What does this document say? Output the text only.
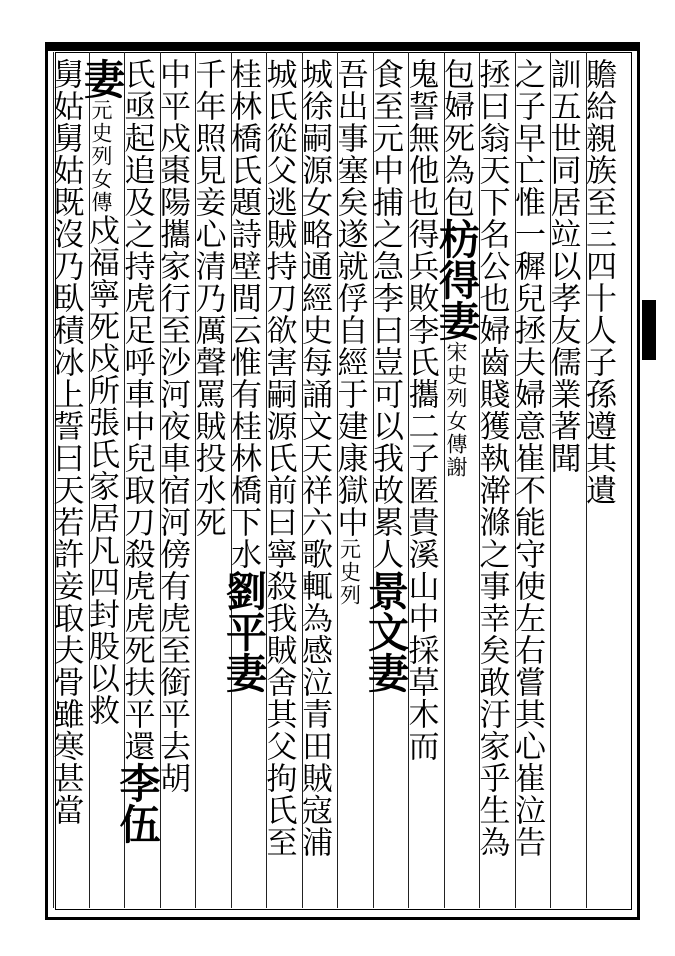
贍給親族至三四十人子孫遵其遺
訓五世同居竝以孝友儒業著聞
之子早亡惟一穉兒拯夫婦意崔不能守使左右嘗其心崔泣告
拯曰翁天下名公也婦齒賤獲執澣滌之事幸矣敢汙家乎生為
包婦死為包枋得妻宋史列女傳謝
鬼誓無他也得兵敗李氏攜二子匿貴溪山中採草木而
食至元中捕之急李曰豈可以我故累人景文妻
吾出事塞矣遂就俘自經于建康獄中元史列
城徐嗣源女略通經史每誦文天祥六歌輒為感泣青田賊寇浦
城氏從父逃賊持刀欲害嗣源氏前曰寧殺我賊舍其父拘氏至
桂林橋氏題詩壁間云惟有桂林橋下水劉平妻
千年照見妾心清乃厲聲罵賊投水死
中平戍棗陽攜家行至沙河夜車宿河傍有虎至銜平去胡
氏亟起追及之持虎足呼車中兒取刀殺虎虎死扶平還李伍
妻元史列女傳戍福寧死戍所張氏家居凡四封股以救
舅姑舅姑既沒乃臥積冰上誓曰天若許妾取夫骨雖寒甚當
